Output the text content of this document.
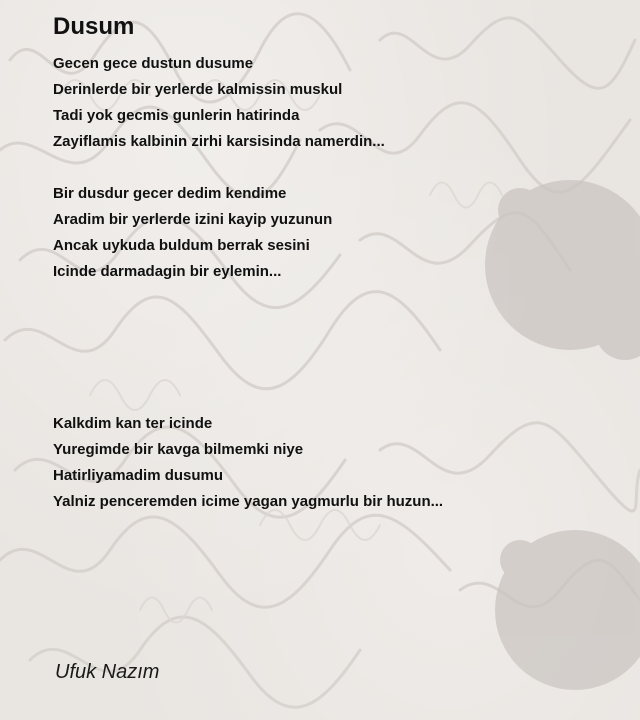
Dusum
Gecen gece dustun dusume
Derinlerde bir yerlerde kalmissin muskul
Tadi yok gecmis gunlerin hatirinda
Zayiflamis kalbinin zirhi karsisinda namerdin...
Bir dusdur gecer dedim kendime
Aradim bir yerlerde izini kayip yuzunun
Ancak uykuda buldum berrak sesini
Icinde darmadagin bir eylemin...
Kalkdim kan ter icinde
Yuregimde bir kavga bilmemki niye
Hatirliyamadim dusumu
Yalniz penceremden icime yagan yagmurlu bir huzun...

Ufuk Nazım
